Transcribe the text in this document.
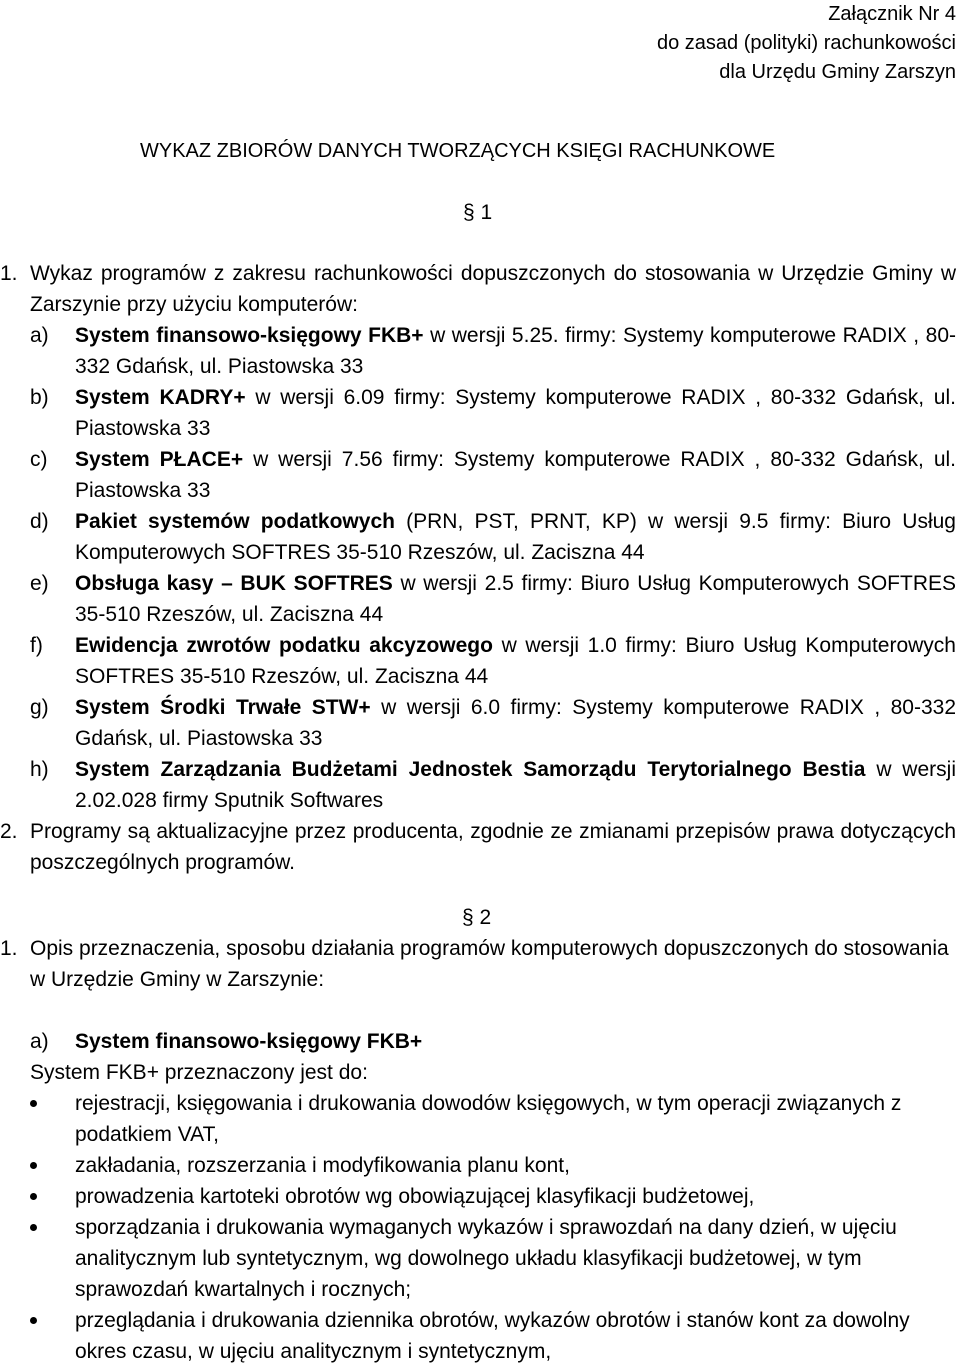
Załącznik Nr 4
do zasad (polityki) rachunkowości
dla Urzędu Gminy Zarszyn
WYKAZ ZBIORÓW DANYCH TWORZĄCYCH KSIĘGI RACHUNKOWE
§ 1
1. Wykaz programów z zakresu rachunkowości dopuszczonych do stosowania w Urzędzie Gminy w Zarszynie przy użyciu komputerów:
a)	System finansowo-księgowy FKB+ w wersji 5.25. firmy: Systemy komputerowe RADIX , 80-332 Gdańsk, ul. Piastowska 33
b)	System KADRY+ w wersji 6.09 firmy: Systemy komputerowe RADIX , 80-332 Gdańsk, ul. Piastowska 33
c)	System PŁACE+ w wersji 7.56 firmy: Systemy komputerowe RADIX , 80-332 Gdańsk, ul. Piastowska 33
d)	Pakiet systemów podatkowych (PRN, PST, PRNT, KP) w wersji 9.5 firmy: Biuro Usług Komputerowych SOFTRES 35-510 Rzeszów, ul. Zaciszna 44
e)	Obsługa kasy – BUK SOFTRES w wersji 2.5 firmy: Biuro Usług Komputerowych SOFTRES 35-510 Rzeszów, ul. Zaciszna 44
f)	Ewidencja zwrotów podatku akcyzowego w wersji 1.0 firmy: Biuro Usług Komputerowych SOFTRES 35-510 Rzeszów, ul. Zaciszna 44
g)	System Środki Trwałe STW+ w wersji 6.0 firmy: Systemy komputerowe RADIX , 80-332 Gdańsk, ul. Piastowska 33
h)	System Zarządzania Budżetami Jednostek Samorządu Terytorialnego Bestia w wersji 2.02.028 firmy Sputnik Softwares
2. Programy są aktualizacyjne przez producenta, zgodnie ze zmianami przepisów prawa dotyczących poszczególnych programów.
§ 2
1. Opis przeznaczenia, sposobu działania programów komputerowych dopuszczonych do stosowania w Urzędzie Gminy w Zarszynie:
a) System finansowo-księgowy FKB+
System FKB+ przeznaczony jest do:
rejestracji, księgowania i drukowania dowodów księgowych, w tym operacji związanych z podatkiem VAT,
zakładania, rozszerzania i modyfikowania planu kont,
prowadzenia kartoteki obrotów wg obowiązującej klasyfikacji budżetowej,
sporządzania i drukowania wymaganych wykazów i sprawozdań na dany dzień, w ujęciu analitycznym lub syntetycznym, wg dowolnego układu klasyfikacji budżetowej, w tym sprawozdań kwartalnych i rocznych;
przeglądania i drukowania dziennika obrotów, wykazów obrotów i stanów kont za dowolny okres czasu, w ujęciu analitycznym i syntetycznym,
